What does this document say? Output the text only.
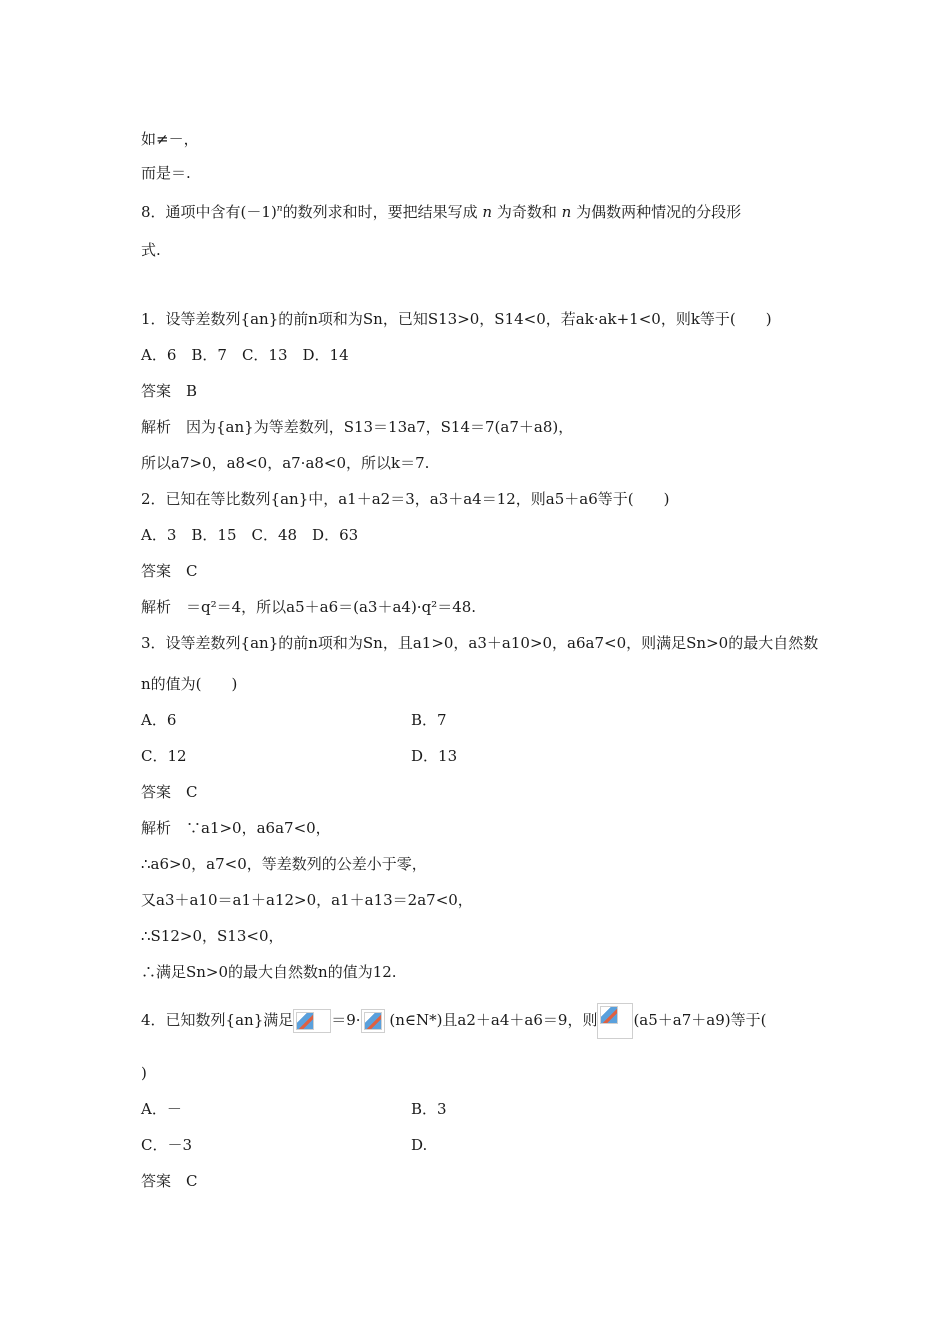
如≠－，
而是＝.
8．通项中含有$(-1)^n$的数列求和时，要把结果写成 n 为奇数和 n 为偶数两种情况的分段形
式.
1．设等差数列{an}的前n项和为Sn，已知S13>0，S14<0，若ak·ak+1<0，则k等于(　　)
A．6　B．7　C．13　D．14
答案　B
解析　因为{an}为等差数列，S13＝13a7，S14＝7(a7＋a8)，
所以a7>0，a8<0，a7·a8<0，所以k＝7.
2．已知在等比数列{an}中，a1＋a2＝3，a3＋a4＝12，则a5＋a6等于(　　)
A．3　B．15　C．48　D．63
答案　C
解析　＝q²＝4，所以a5＋a6＝(a3＋a4)·q²＝48.
3．设等差数列{an}的前n项和为Sn，且a1>0，a3＋a10>0，a6a7<0，则满足Sn>0的最大自然数
n的值为(　　)
A．6	B．7
C．12	D．13
答案　C
解析　∵a1>0，a6a7<0，
∴a6>0，a7<0，等差数列的公差小于零，
又a3＋a10＝a1＋a12>0，a1＋a13＝2a7<0，
∴S12>0，S13<0，
∴满足Sn>0的最大自然数n的值为12.
4．已知数列{an}满足	＝9· (n∈N*)且a2＋a4＋a6＝9，则 (a5＋a7＋a9)等于(
)
A．－	B．3
C．－3	D.
答案　C
